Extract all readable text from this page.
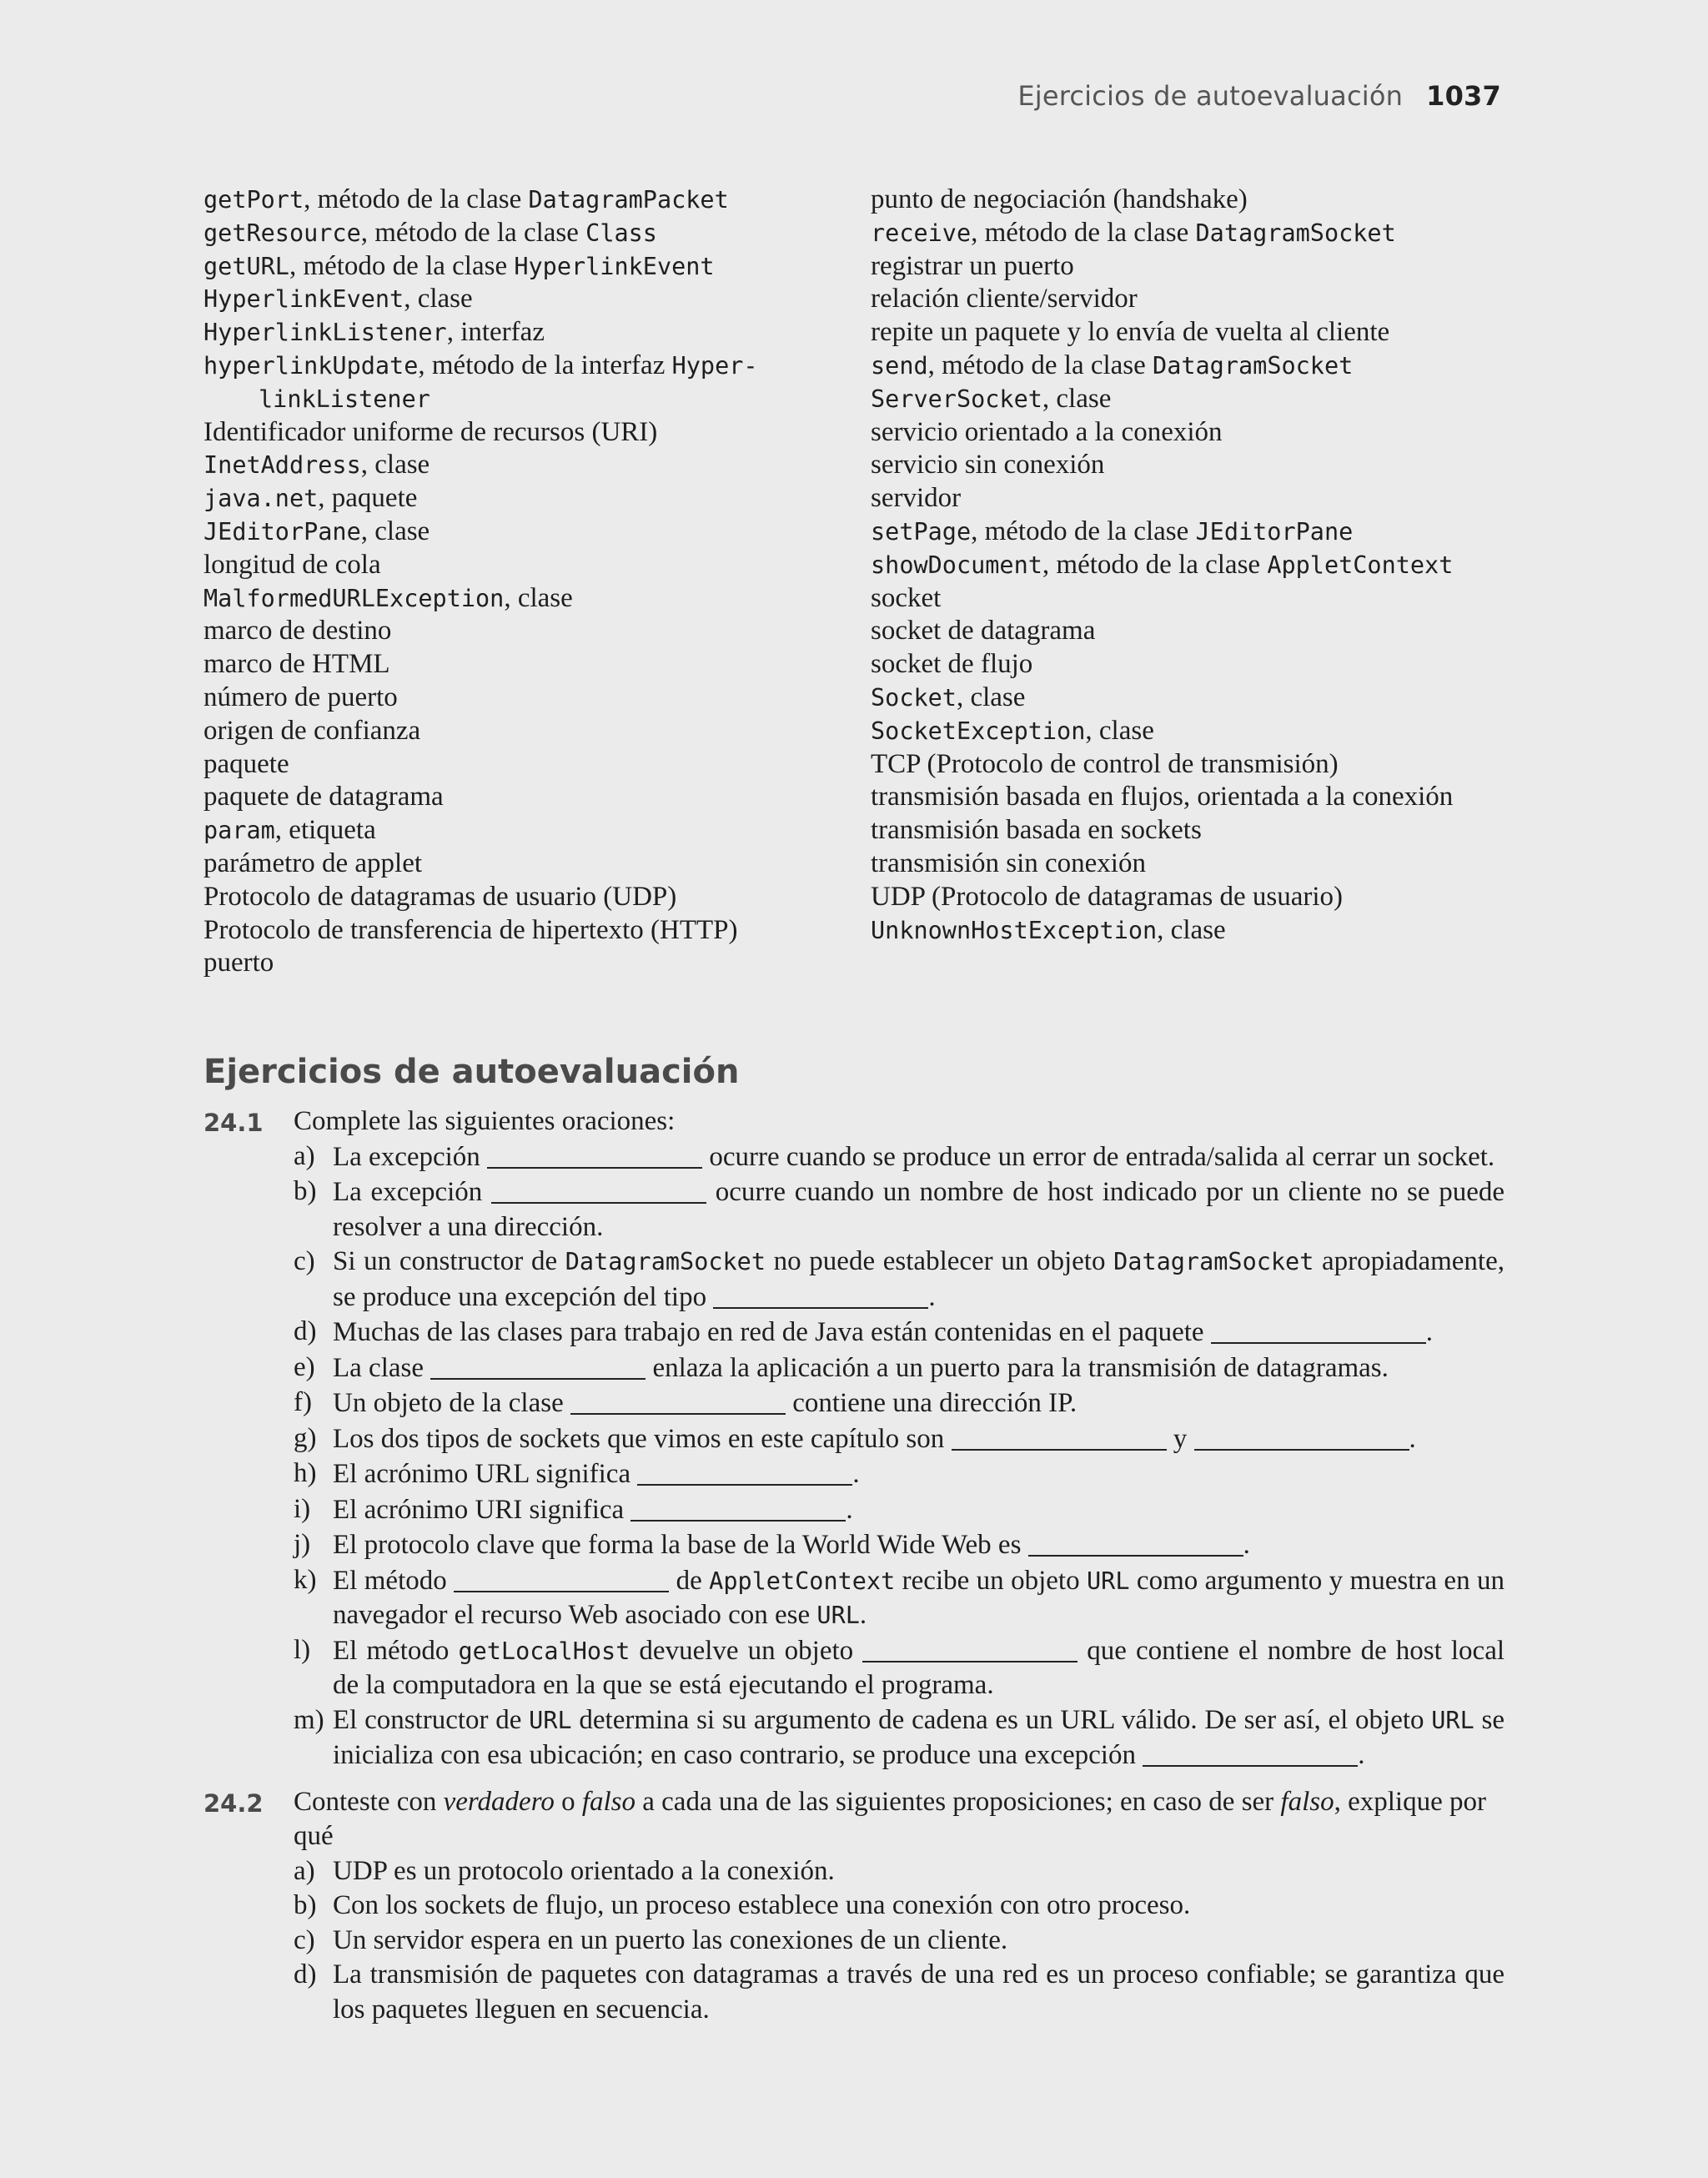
Ejercicios de autoevaluación 1037
getPort, método de la clase DatagramPacket
getResource, método de la clase Class
getURL, método de la clase HyperlinkEvent
HyperlinkEvent, clase
HyperlinkListener, interfaz
hyperlinkUpdate, método de la interfaz Hyper-
linkListener
Identificador uniforme de recursos (URI)
InetAddress, clase
java.net, paquete
JEditorPane, clase
longitud de cola
MalformedURLException, clase
marco de destino
marco de HTML
número de puerto
origen de confianza
paquete
paquete de datagrama
param, etiqueta
parámetro de applet
Protocolo de datagramas de usuario (UDP)
Protocolo de transferencia de hipertexto (HTTP)
puerto
punto de negociación (handshake)
receive, método de la clase DatagramSocket
registrar un puerto
relación cliente/servidor
repite un paquete y lo envía de vuelta al cliente
send, método de la clase DatagramSocket
ServerSocket, clase
servicio orientado a la conexión
servicio sin conexión
servidor
setPage, método de la clase JEditorPane
showDocument, método de la clase AppletContext
socket
socket de datagrama
socket de flujo
Socket, clase
SocketException, clase
TCP (Protocolo de control de transmisión)
transmisión basada en flujos, orientada a la conexión
transmisión basada en sockets
transmisión sin conexión
UDP (Protocolo de datagramas de usuario)
UnknownHostException, clase
Ejercicios de autoevaluación
24.1	Complete las siguientes oraciones:
a) La excepción	ocurre cuando se produce un error de entrada/salida al cerrar un socket.
b) La excepción	ocurre cuando un nombre de host indicado por un cliente no se puede resolver a una dirección.
c) Si un constructor de DatagramSocket no puede establecer un objeto DatagramSocket apropiadamente, se produce una excepción del tipo	.
d) Muchas de las clases para trabajo en red de Java están contenidas en el paquete	.
e) La clase	enlaza la aplicación a un puerto para la transmisión de datagramas.
f) Un objeto de la clase	contiene una dirección IP.
g) Los dos tipos de sockets que vimos en este capítulo son	y	.
h) El acrónimo URL significa	.
i) El acrónimo URI significa	.
j) El protocolo clave que forma la base de la World Wide Web es	.
k) El método	de AppletContext recibe un objeto URL como argumento y muestra en un navegador el recurso Web asociado con ese URL.
l) El método getLocalHost devuelve un objeto	que contiene el nombre de host local de la computadora en la que se está ejecutando el programa.
m) El constructor de URL determina si su argumento de cadena es un URL válido. De ser así, el objeto URL se inicializa con esa ubicación; en caso contrario, se produce una excepción	.
24.2	Conteste con verdadero o falso a cada una de las siguientes proposiciones; en caso de ser falso, explique por qué
a) UDP es un protocolo orientado a la conexión.
b) Con los sockets de flujo, un proceso establece una conexión con otro proceso.
c) Un servidor espera en un puerto las conexiones de un cliente.
d) La transmisión de paquetes con datagramas a través de una red es un proceso confiable; se garantiza que los paquetes lleguen en secuencia.
